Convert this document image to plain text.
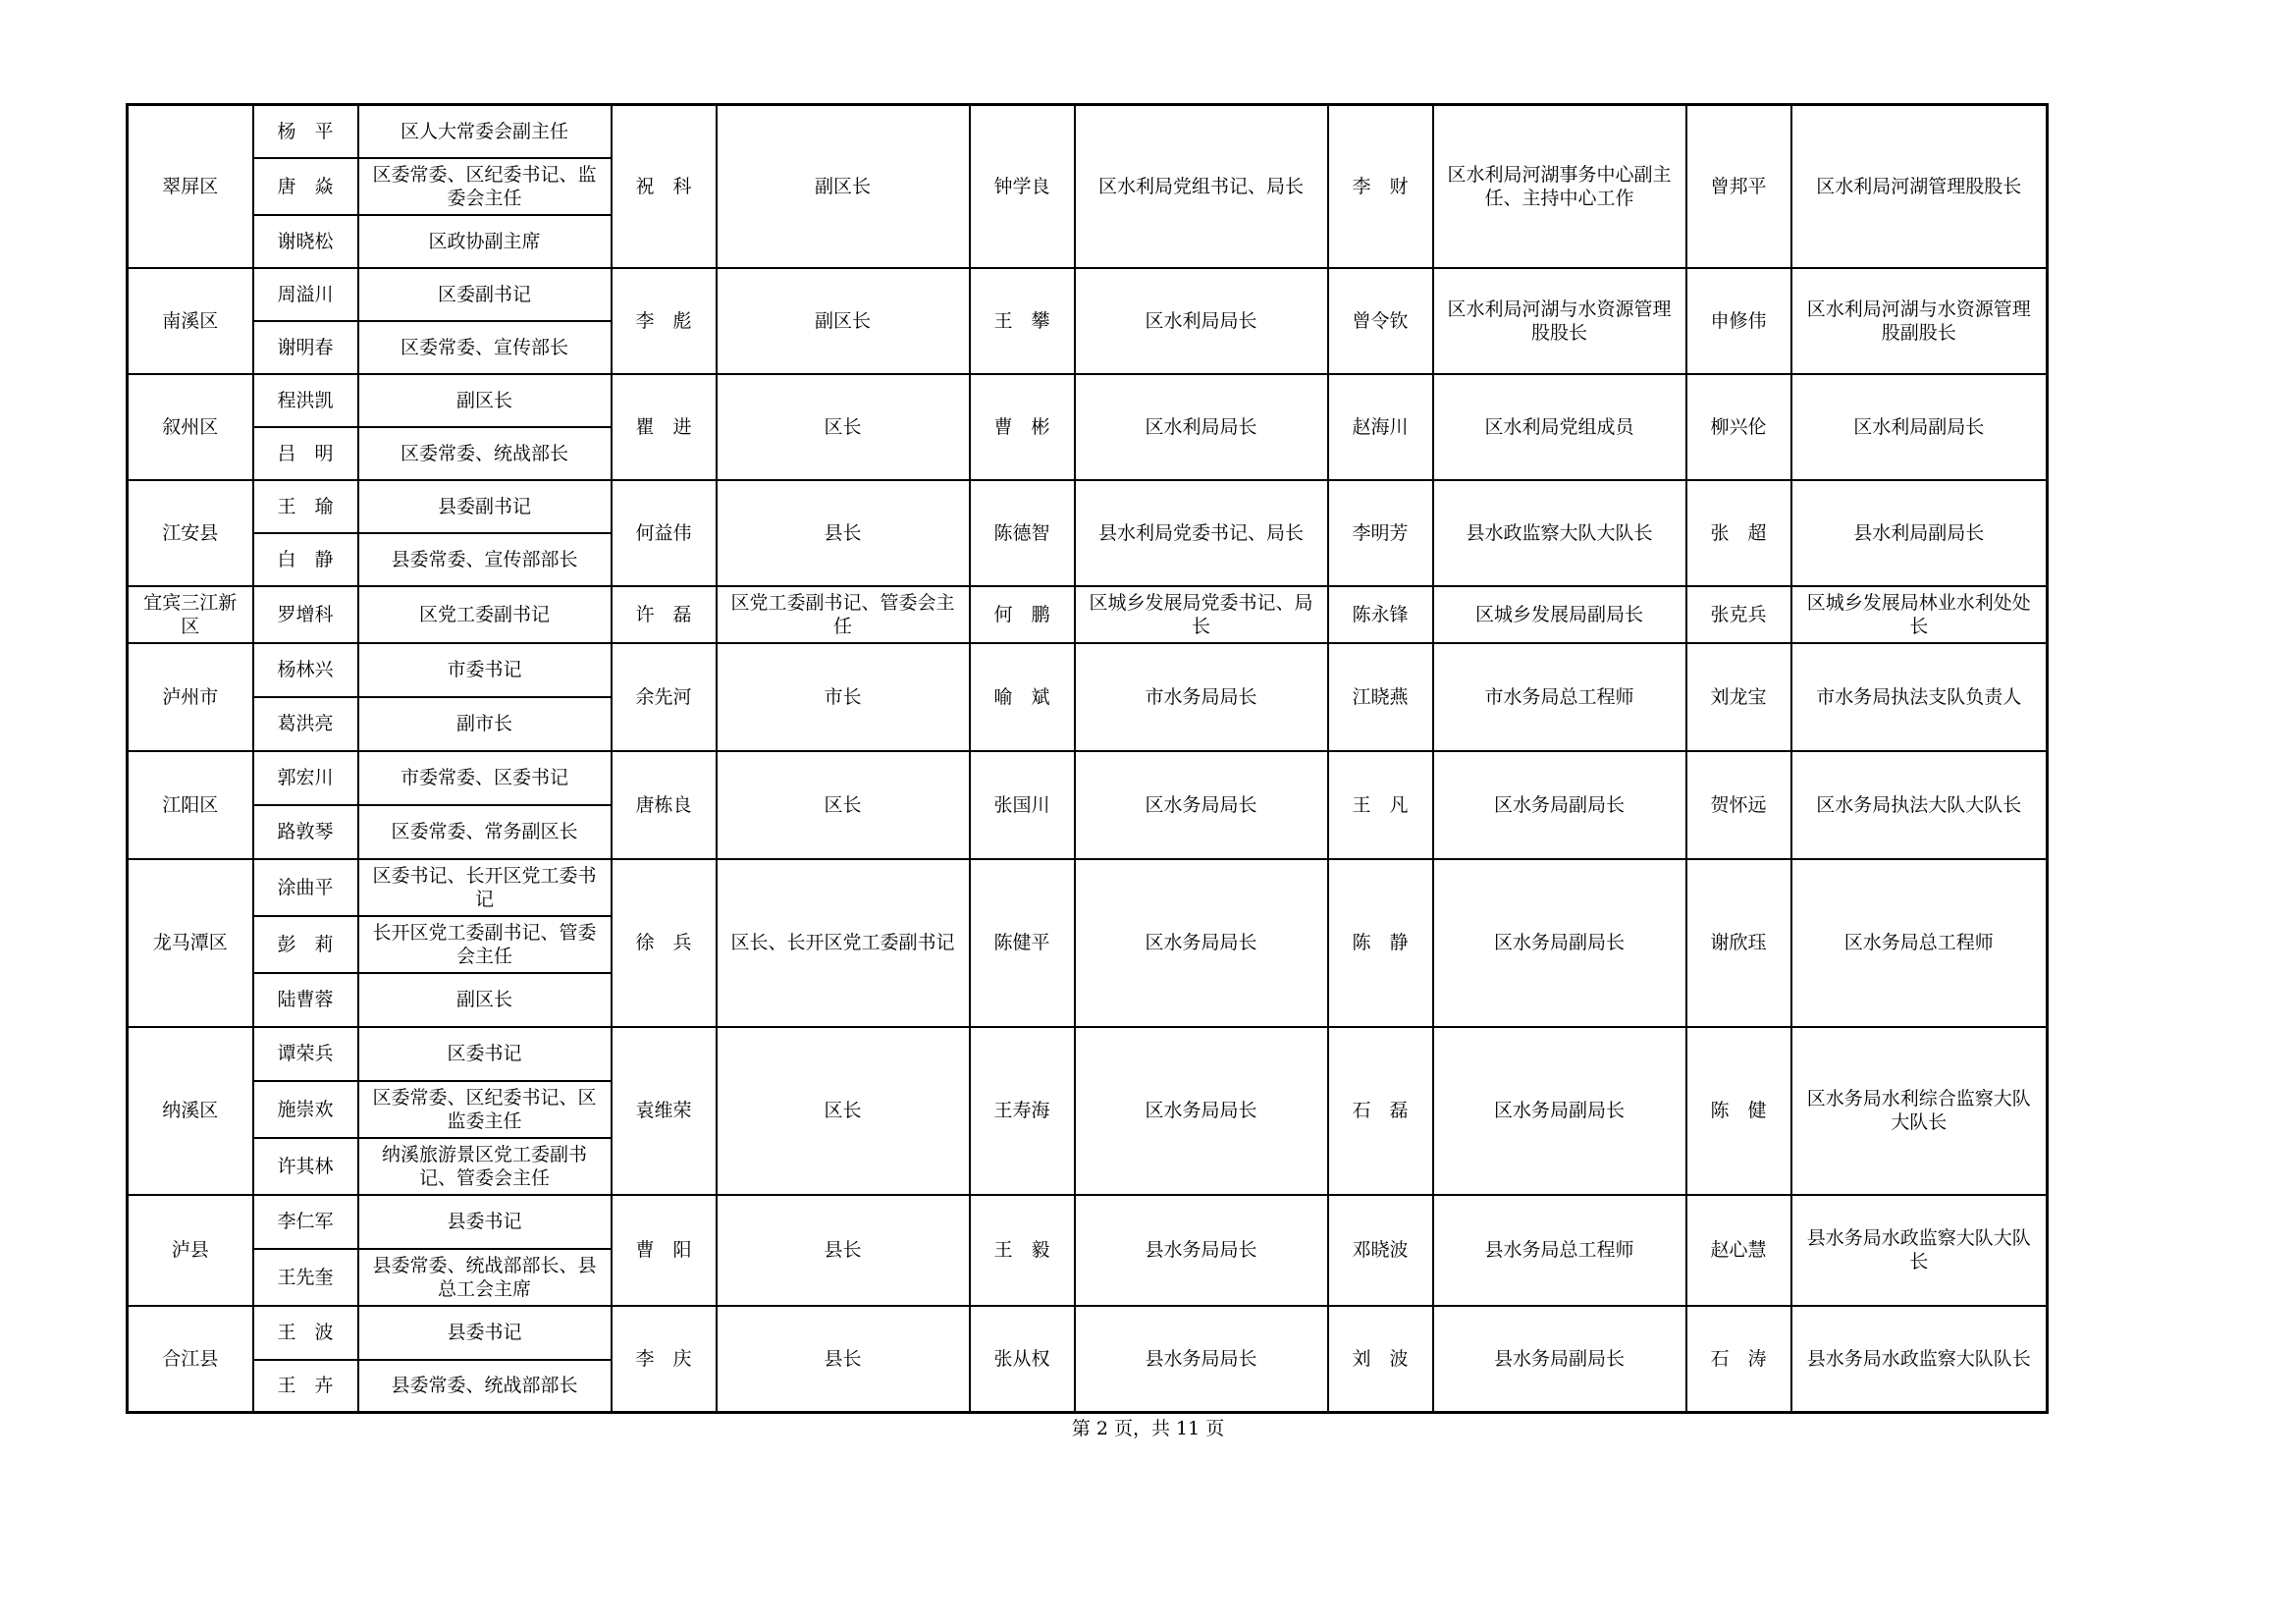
翠屏区	杨　平	区人大常委会副主任	祝　科	副区长	钟学良	区水利局党组书记、局长	李　财	区水利局河湖事务中心副主任、主持中心工作	曾邦平	区水利局河湖管理股股长
	唐　焱	区委常委、区纪委书记、监委会主任								
	谢晓松	区政协副主席								
南溪区	周溢川	区委副书记	李　彪	副区长	王　攀	区水利局局长	曾令钦	区水利局河湖与水资源管理股股长	申修伟	区水利局河湖与水资源管理股副股长
	谢明春	区委常委、宣传部长								
叙州区	程洪凯	副区长	瞿　进	区长	曹　彬	区水利局局长	赵海川	区水利局党组成员	柳兴伦	区水利局副局长
	吕　明	区委常委、统战部长								
江安县	王　瑜	县委副书记	何益伟	县长	陈德智	县水利局党委书记、局长	李明芳	县水政监察大队大队长	张　超	县水利局副局长
	白　静	县委常委、宣传部部长								
宜宾三江新区	罗增科	区党工委副书记	许　磊	区党工委副书记、管委会主任	何　鹏	区城乡发展局党委书记、局长	陈永锋	区城乡发展局副局长	张克兵	区城乡发展局林业水利处处长
泸州市	杨林兴	市委书记	余先河	市长	喻　斌	市水务局局长	江晓燕	市水务局总工程师	刘龙宝	市水务局执法支队负责人
	葛洪亮	副市长								
江阳区	郭宏川	市委常委、区委书记	唐栋良	区长	张国川	区水务局局长	王　凡	区水务局副局长	贺怀远	区水务局执法大队大队长
	路敦琴	区委常委、常务副区长								
龙马潭区	涂曲平	区委书记、长开区党工委书记	徐　兵	区长、长开区党工委副书记	陈健平	区水务局局长	陈　静	区水务局副局长	谢欣珏	区水务局总工程师
	彭　莉	长开区党工委副书记、管委会主任								
	陆曹蓉	副区长								
纳溪区	谭荣兵	区委书记	袁维荣	区长	王寿海	区水务局局长	石　磊	区水务局副局长	陈　健	区水务局水利综合监察大队大队长
	施崇欢	区委常委、区纪委书记、区监委主任								
	许其林	纳溪旅游景区党工委副书记、管委会主任								
泸县	李仁军	县委书记	曹　阳	县长	王　毅	县水务局局长	邓晓波	县水务局总工程师	赵心慧	县水务局水政监察大队大队长
	王先奎	县委常委、统战部部长、县总工会主席								
合江县	王　波	县委书记	李　庆	县长	张从权	县水务局局长	刘　波	县水务局副局长	石　涛	县水务局水政监察大队队长
	王　卉	县委常委、统战部部长								
第 2 页，共 11 页
